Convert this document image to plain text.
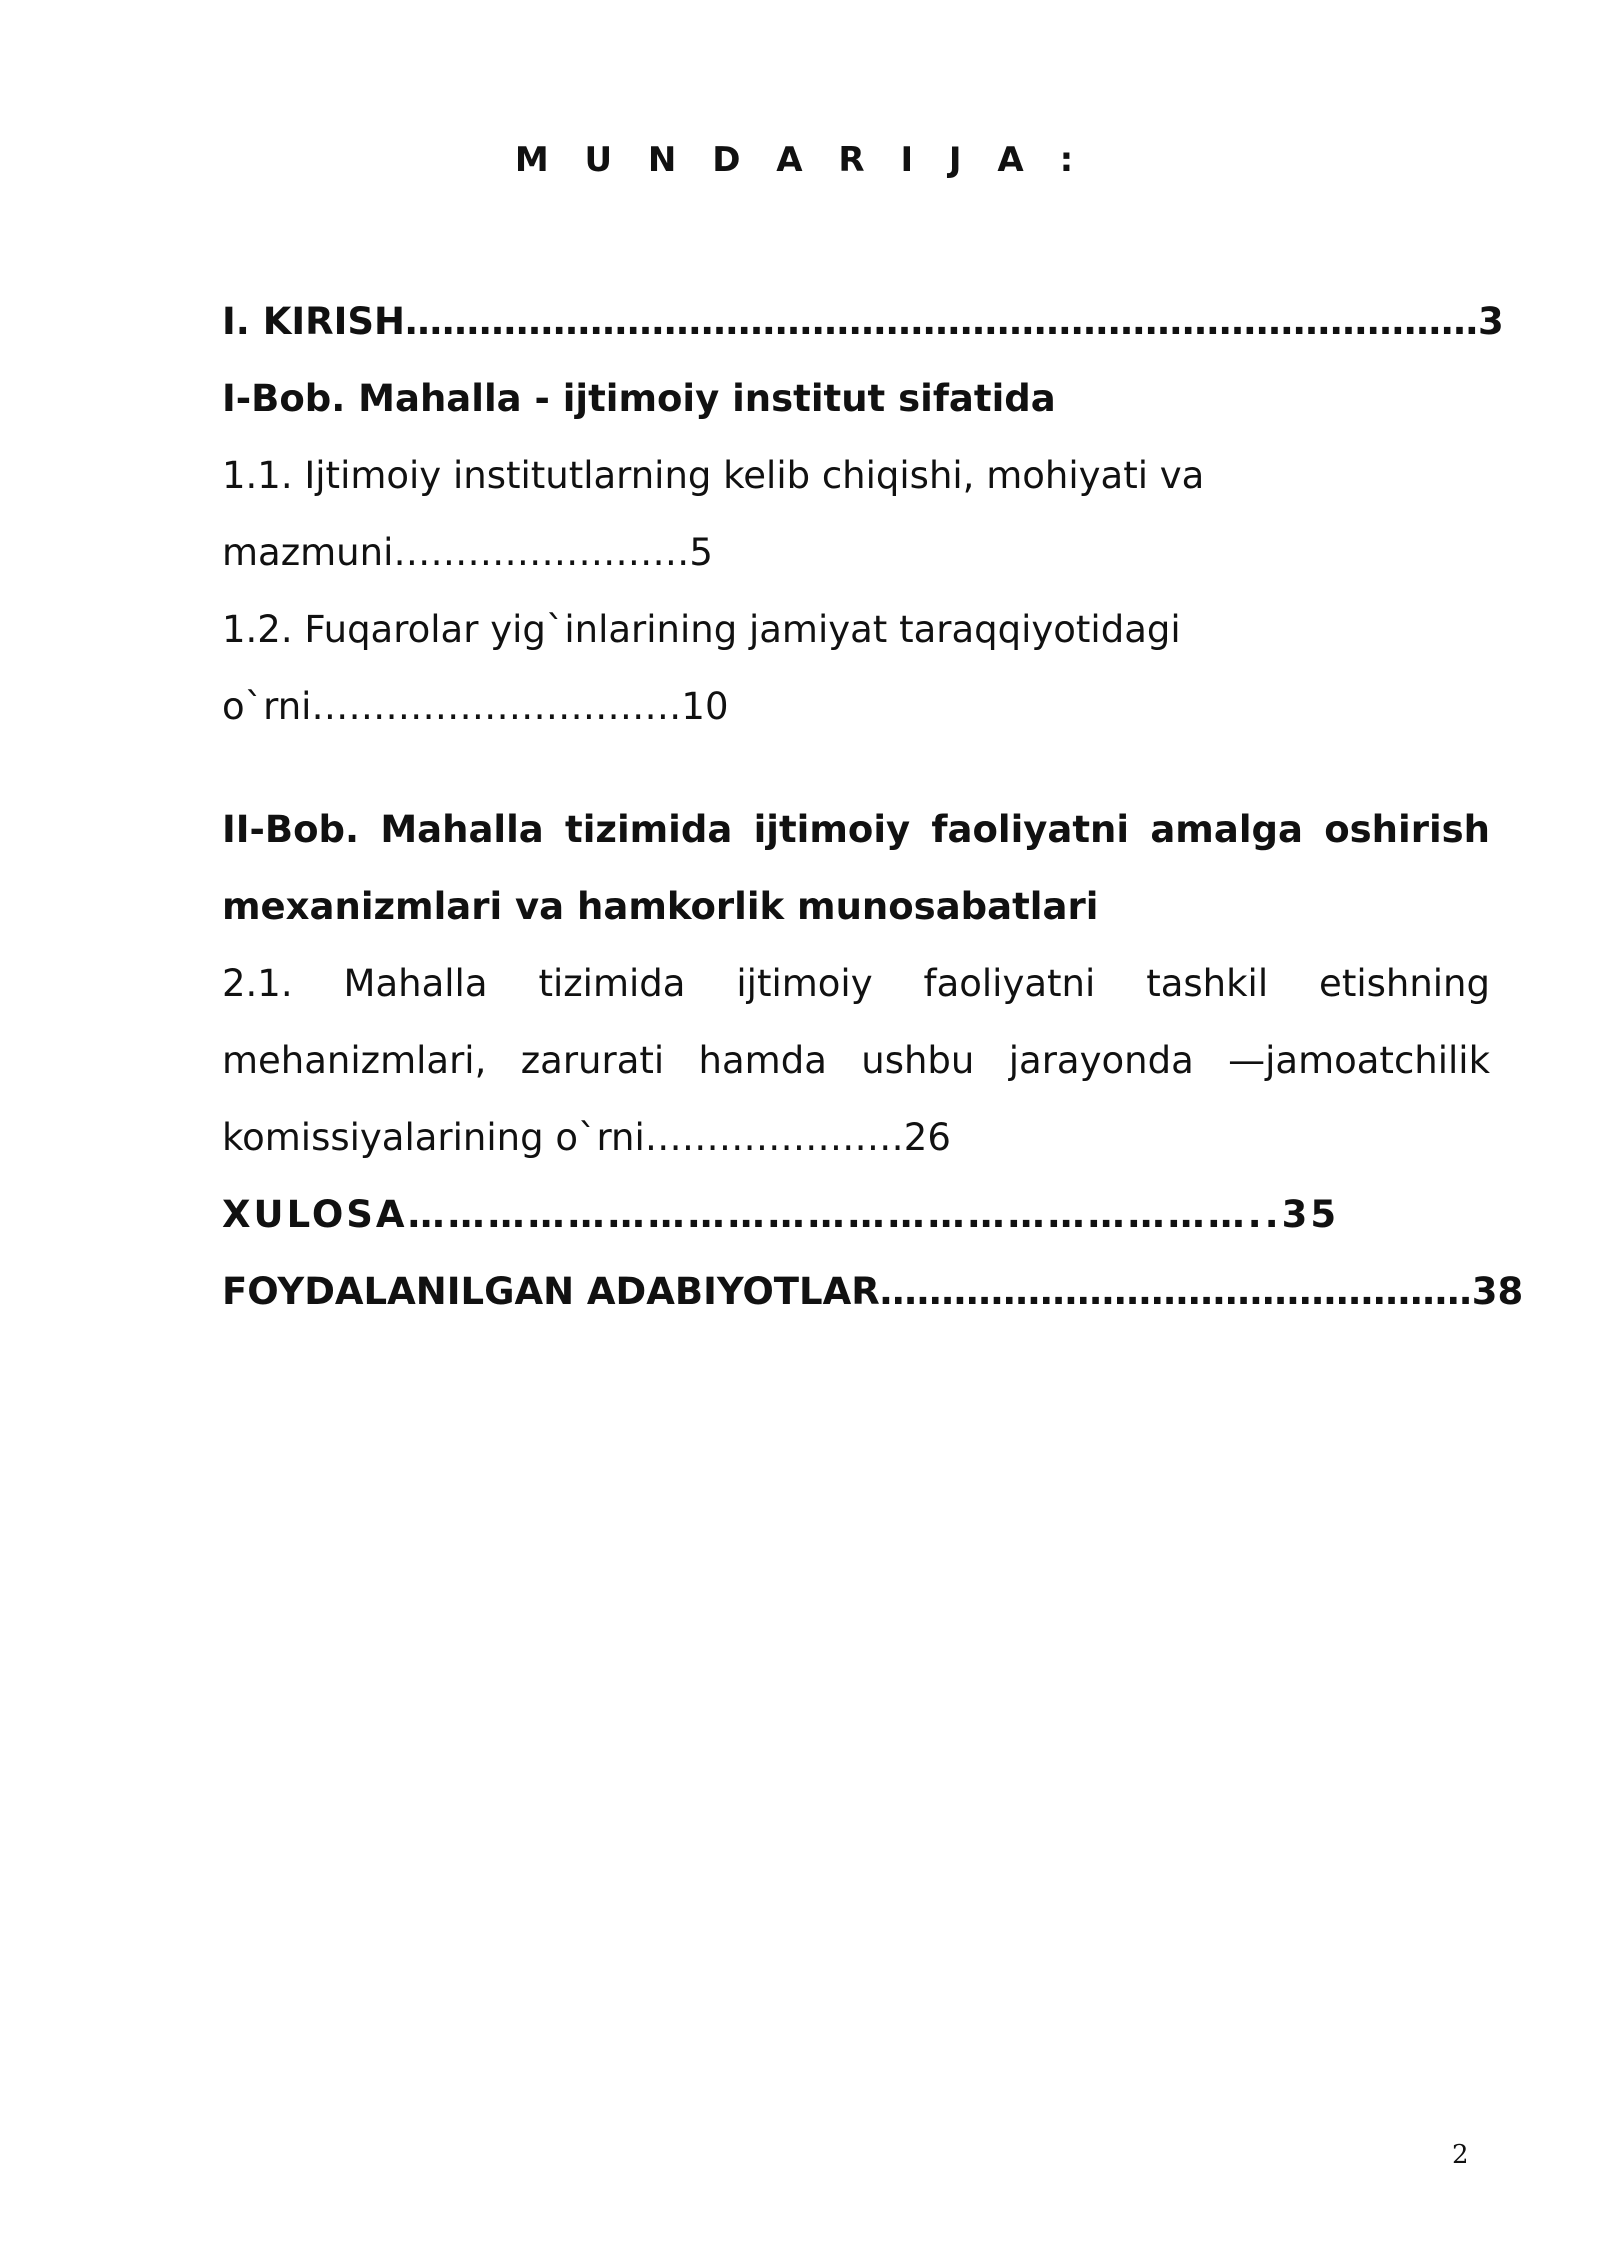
M U N D A R I J A :
I. KIRISH……………………………………………………………………………3
I-Bob. Mahalla - ijtimoiy institut sifatida
1.1. Ijtimoiy institutlarning kelib chiqishi, mohiyati va
mazmuni……………………5
1.2. Fuqarolar yig`inlarining jamiyat taraqqiyotidagi
o`rni…………………………10
II-Bob. Mahalla tizimida ijtimoiy faoliyatni amalga oshirish mexanizmlari va hamkorlik munosabatlari
2.1. Mahalla tizimida ijtimoiy faoliyatni tashkil etishning mehanizmlari, zarurati hamda ushbu jarayonda —jamoatchilik komissiyalarining o`rni…………………26
XULOSA………………………………………………………..35
FOYDALANILGAN ADABIYOTLAR…………………………………………38
2
